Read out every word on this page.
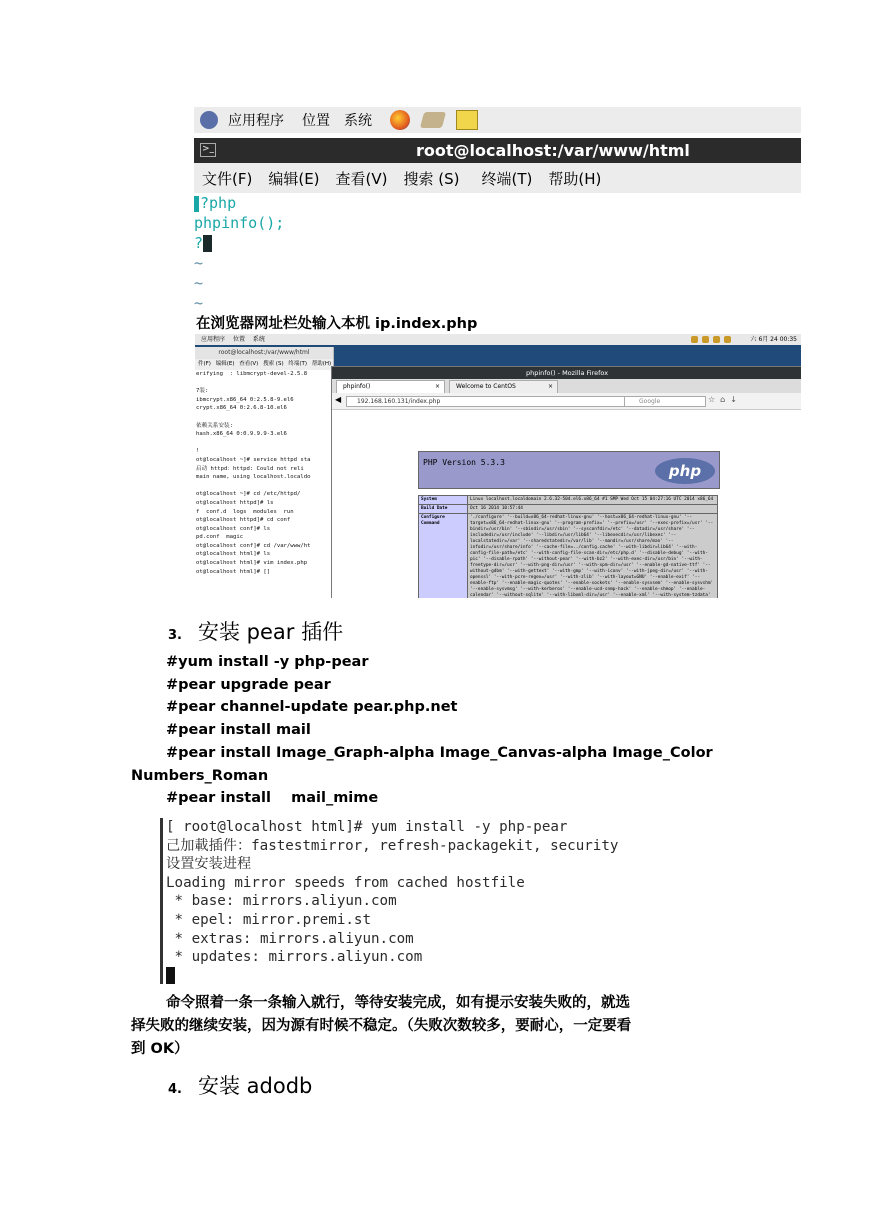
应用程序 位置 系统
>_	root@localhost:/var/www/html
文件(F) 编辑(E) 查看(V) 搜索 (S) 终端(T) 帮助(H)
?php
phpinfo();
?
~
~
~
在浏览器网址栏处输入本机 ip.index.php
应用程序 位置 系统	六 6月 24 00:35
root@localhost:/var/www/html
件(F) 编辑(E) 查看(V) 搜索 (S) 终端(T) 帮助(H)
erifying  : libmcrypt-devel-2.5.8

7装:
ibmcrypt.x86_64 0:2.5.8-9.el6
crypt.x86_64 0:2.6.8-10.el6

依赖关系安装:
hash.x86_64 0:0.9.9.9-3.el6

!
ot@localhost ~]# service httpd sta
启动 httpd：httpd: Could not reli
main name, using localhost.localdo

ot@localhost ~]# cd /etc/httpd/
ot@localhost httpd]# ls
f  conf.d  logs  modules  run
ot@localhost httpd]# cd conf
ot@localhost conf]# ls
pd.conf  magic
ot@localhost conf]# cd /var/www/ht
ot@localhost html]# ls
ot@localhost html]# vim index.php
ot@localhost html]# []
phpinfo() - Mozilla Firefox
phpinfo()	×	Welcome to CentOS	×
◀	192.168.160.131/index.php	Google	☆⌂↓
PHP Version 5.3.3	php
System	Linux localhost.localdomain 2.6.32-504.el6.x86_64 #1 SMP Wed Oct 15 04:27:16 UTC 2014 x86_64
Build Date	Oct 16 2014 10:57:44
Configure Command	'./configure' '--build=x86_64-redhat-linux-gnu' '--host=x86_64-redhat-linux-gnu' '--target=x86_64-redhat-linux-gnu' '--program-prefix=' '--prefix=/usr' '--exec-prefix=/usr' '--bindir=/usr/bin' '--sbindir=/usr/sbin' '--sysconfdir=/etc' '--datadir=/usr/share' '--includedir=/usr/include' '--libdir=/usr/lib64' '--libexecdir=/usr/libexec' '--localstatedir=/var' '--sharedstatedir=/var/lib' '--mandir=/usr/share/man' '--infodir=/usr/share/info' '--cache-file=../config.cache' '--with-libdir=lib64' '--with-config-file-path=/etc' '--with-config-file-scan-dir=/etc/php.d' '--disable-debug' '--with-pic' '--disable-rpath' '--without-pear' '--with-bz2' '--with-exec-dir=/usr/bin' '--with-freetype-dir=/usr' '--with-png-dir=/usr' '--with-xpm-dir=/usr' '--enable-gd-native-ttf' '--without-gdbm' '--with-gettext' '--with-gmp' '--with-iconv' '--with-jpeg-dir=/usr' '--with-openssl' '--with-pcre-regex=/usr' '--with-zlib' '--with-layout=GNU' '--enable-exif' '--enable-ftp' '--enable-magic-quotes' '--enable-sockets' '--enable-sysvsem' '--enable-sysvshm' '--enable-sysvmsg' '--with-kerberos' '--enable-ucd-snmp-hack' '--enable-shmop' '--enable-calendar' '--without-sqlite' '--with-libxml-dir=/usr' '--enable-xml' '--with-system-tzdata'
3. 安装 pear 插件
#yum install -y php-pear
#pear upgrade pear
#pear channel-update pear.php.net
#pear install mail
#pear install Image_Graph-alpha Image_Canvas-alpha Image_Color
Numbers_Roman
#pear install    mail_mime
[ root@localhost html]# yum install -y php-pear
己加載插件：fastestmirror, refresh-packagekit, security
设置安装进程
Loading mirror speeds from cached hostfile
* base: mirrors.aliyun.com
* epel: mirror.premi.st
* extras: mirrors.aliyun.com
* updates: mirrors.aliyun.com
命令照着一条一条输入就行，等待安装完成，如有提示安装失败的，就选
择失败的继续安装，因为源有时候不稳定。（失败次数较多，要耐心，一定要看
到 OK）
4. 安装 adodb
